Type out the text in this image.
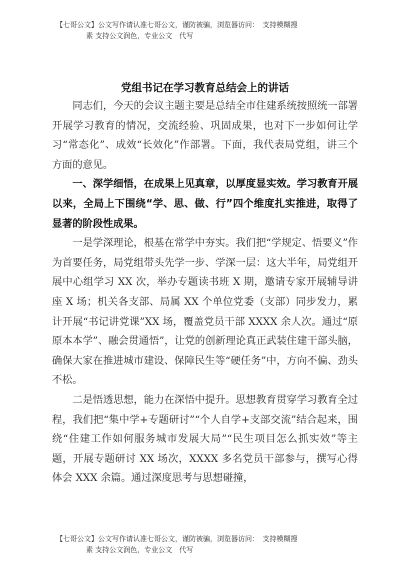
【七哥公文】公文写作请认准七哥公文，谨防被骗，浏览器访问：　支持模糊搜
素 支持公文润色，专业公文　代写
党组书记在学习教育总结会上的讲话

同志们，今天的会议主题主要是总结全市住建系统按照统一部署开展学习教育的情况，交流经验、巩固成果，也对下一步如何让学习“常态化”、成效“长效化”作部署。下面，我代表局党组，讲三个方面的意见。

一、深学细悟，在成果上见真章，以厚度显实效。学习教育开展以来，全局上下围绕“学、思、做、行”四个维度扎实推进，取得了显著的阶段性成果。

一是学深理论，根基在常学中夯实。我们把“学规定、悟要义”作为首要任务，局党组带头先学一步、学深一层：这大半年，局党组开展中心组学习 XX 次，举办专题读书班 X 期，邀请专家开展辅导讲座 X 场；机关各支部、局属 XX 个单位党委（支部）同步发力，累计开展“书记讲党课”XX 场，覆盖党员干部 XXXX 余人次。通过“原原本本学”、融会贯通悟”，让党的创新理论真正武装住建干部头脑，确保大家在推进城市建设、保障民生等“硬任务”中，方向不偏、劲头不松。

二是悟透思想，能力在深悟中提升。思想教育贯穿学习教育全过程，我们把“集中学+专题研讨”“个人自学+支部交流”结合起来，围绕“住建工作如何服务城市发展大局”“民生项目怎么抓实效”等主题，开展专题研讨 XX 场次，XXXX 多名党员干部参与，撰写心得体会 XXX 余篇。通过深度思考与思想碰撞，

【七哥公文】公文写作请认准七哥公文，谨防被骗，浏览器访问：　支持模糊搜
素 支持公文润色，专业公文　代写
